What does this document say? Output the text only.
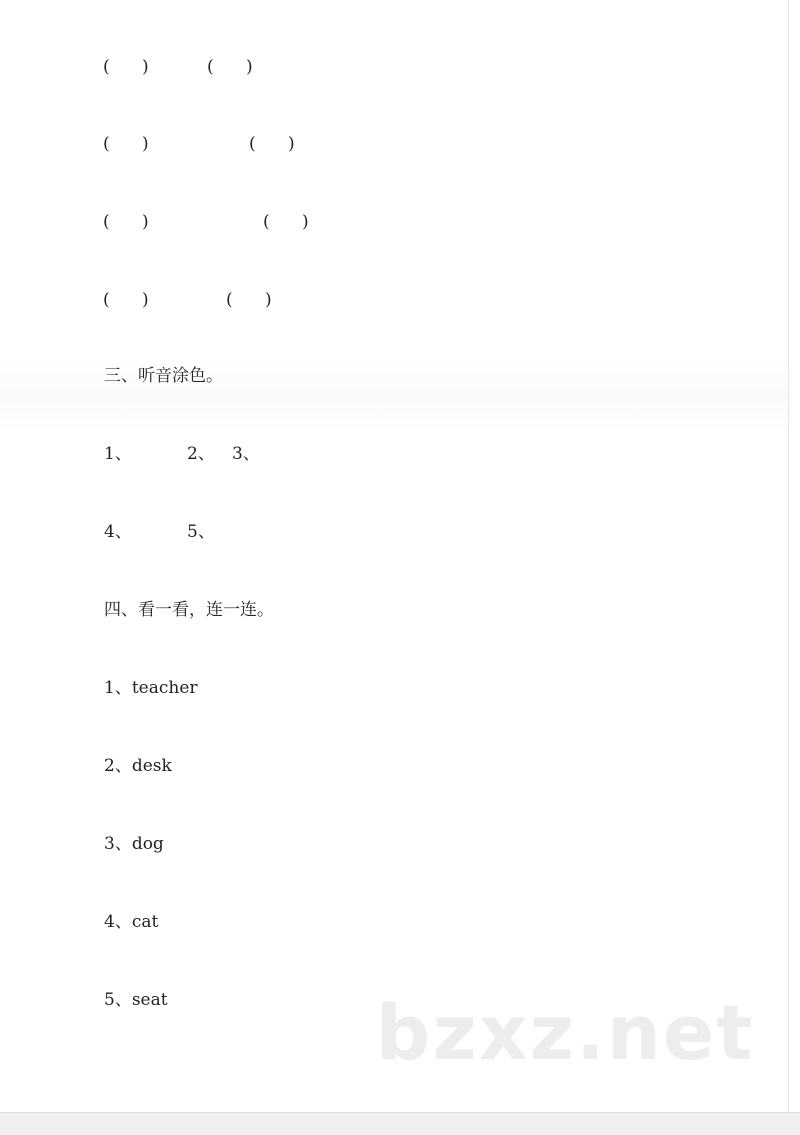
(      )	(      )
(      )	(      )
(      )	(      )
(      )	(      )
三、听音涂色。
1、	2、 3、
4、	5、
四、看一看，连一连。
1、teacher
2、desk
3、dog
4、cat
5、seat	bzxz.net
